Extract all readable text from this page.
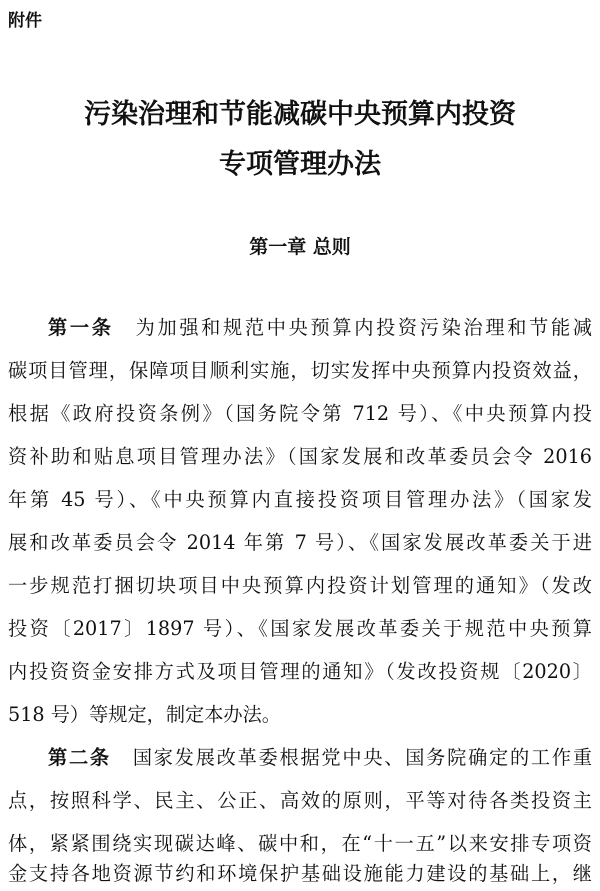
附件
污染治理和节能减碳中央预算内投资
专项管理办法
第一章 总则
第一条 为加强和规范中央预算内投资污染治理和节能减
碳项目管理，保障项目顺利实施，切实发挥中央预算内投资效益，
根据《政府投资条例》（国务院令第 712 号）、《中央预算内投
资补助和贴息项目管理办法》（国家发展和改革委员会令 2016
年第 45 号）、《中央预算内直接投资项目管理办法》（国家发
展和改革委员会令 2014 年第 7 号）、《国家发展改革委关于进
一步规范打捆切块项目中央预算内投资计划管理的通知》（发改
投资〔2017〕1897 号）、《国家发展改革委关于规范中央预算
内投资资金安排方式及项目管理的通知》（发改投资规〔2020〕
518 号）等规定，制定本办法。
第二条 国家发展改革委根据党中央、国务院确定的工作重
点，按照科学、民主、公正、高效的原则，平等对待各类投资主
体，紧紧围绕实现碳达峰、碳中和，在“十一五”以来安排专项资
金支持各地资源节约和环境保护基础设施能力建设的基础上，继
